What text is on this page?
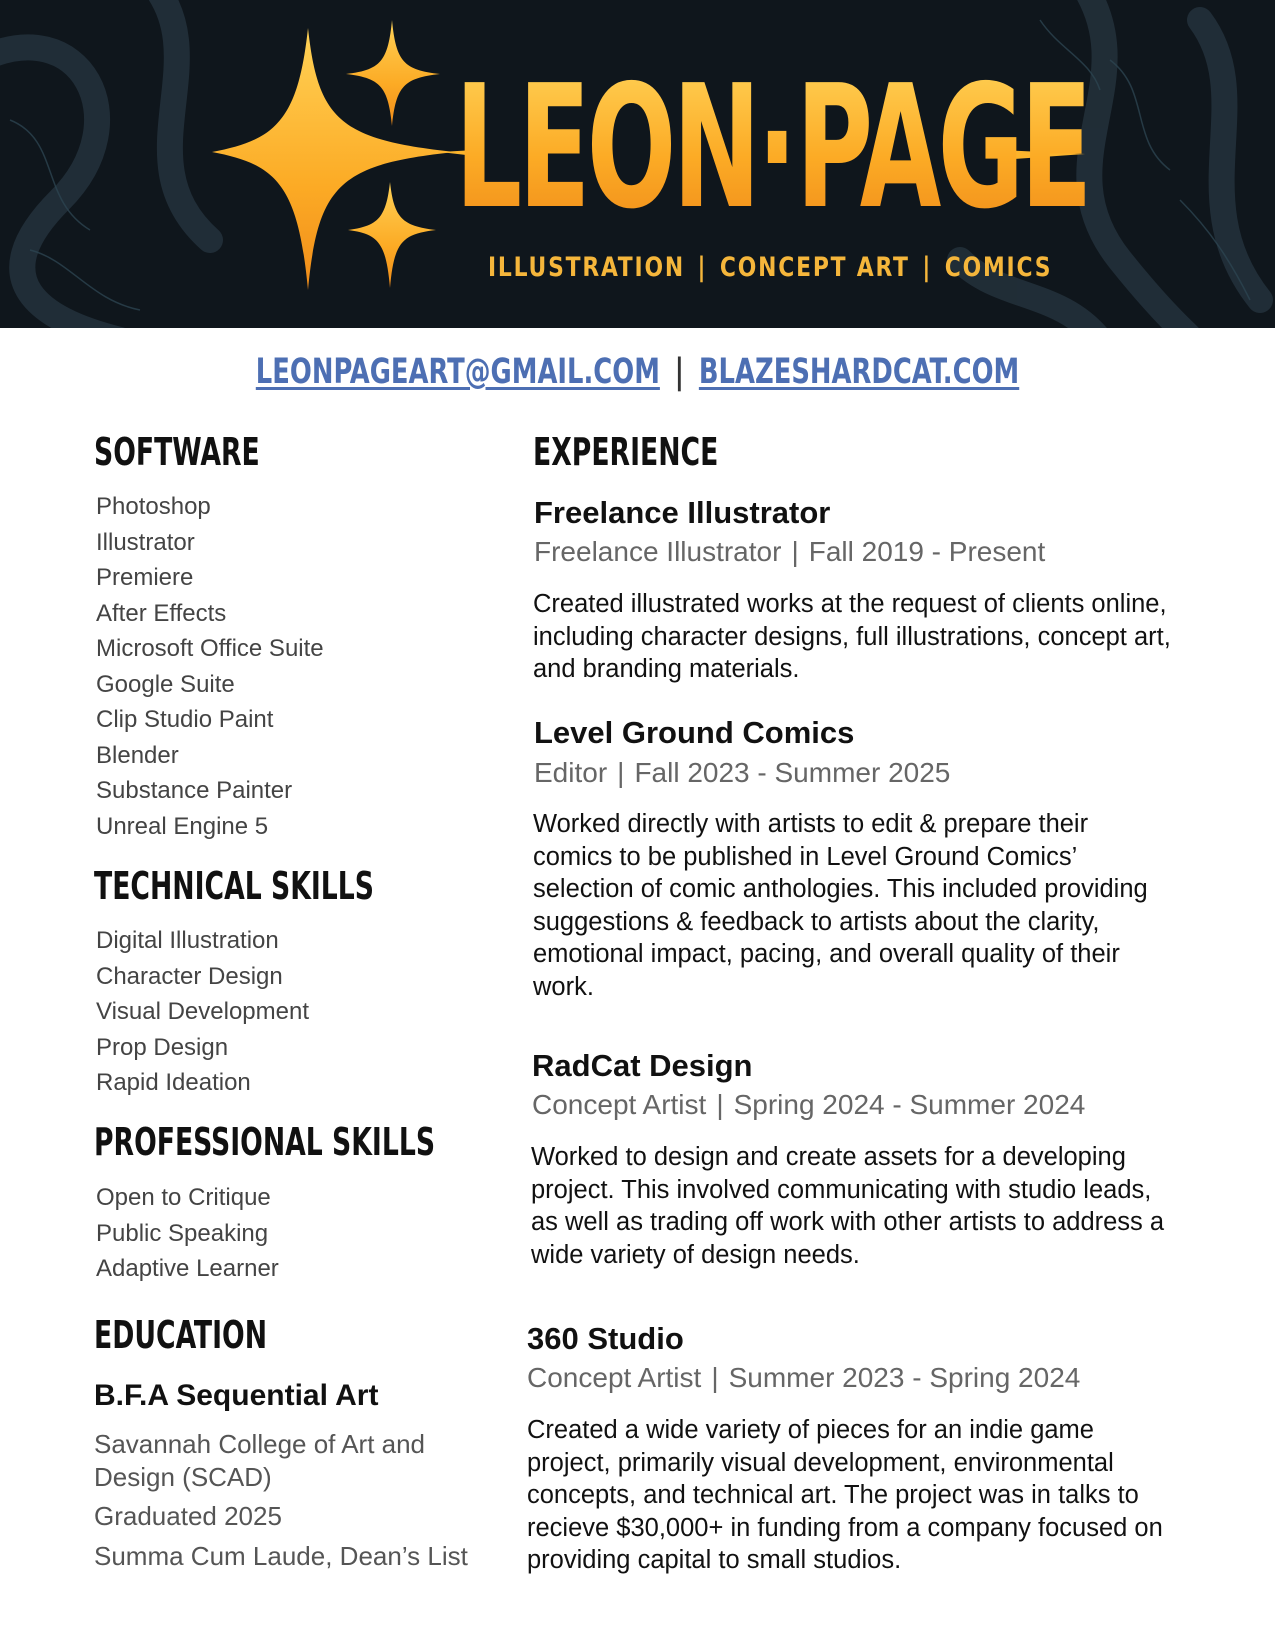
LEON·PAGE
ILLUSTRATION | CONCEPT ART | COMICS
LEONPAGEART@GMAIL.COM | BLAZESHARDCAT.COM
SOFTWARE
Photoshop
Illustrator
Premiere
After Effects
Microsoft Office Suite
Google Suite
Clip Studio Paint
Blender
Substance Painter
Unreal Engine 5
TECHNICAL SKILLS
Digital Illustration
Character Design
Visual Development
Prop Design
Rapid Ideation
PROFESSIONAL SKILLS
Open to Critique
Public Speaking
Adaptive Learner
EDUCATION

B.F.A Sequential Art

Savannah College of Art and Design (SCAD)

Graduated 2025

Summa Cum Laude, Dean’s List

EXPERIENCE

Freelance Illustrator

Freelance Illustrator | Fall 2019 - Present

Created illustrated works at the request of clients online, including character designs, full illustrations, concept art, and branding materials.

Level Ground Comics

Editor | Fall 2023 - Summer 2025

Worked directly with artists to edit & prepare their comics to be published in Level Ground Comics’ selection of comic anthologies. This included providing suggestions & feedback to artists about the clarity, emotional impact, pacing, and overall quality of their work.

RadCat Design

Concept Artist | Spring 2024 - Summer 2024

Worked to design and create assets for a developing project. This involved communicating with studio leads, as well as trading off work with other artists to address a wide variety of design needs.

360 Studio

Concept Artist | Summer 2023 - Spring 2024

Created a wide variety of pieces for an indie game project, primarily visual development, environmental concepts, and technical art. The project was in talks to recieve $30,000+ in funding from a company focused on providing capital to small studios.
